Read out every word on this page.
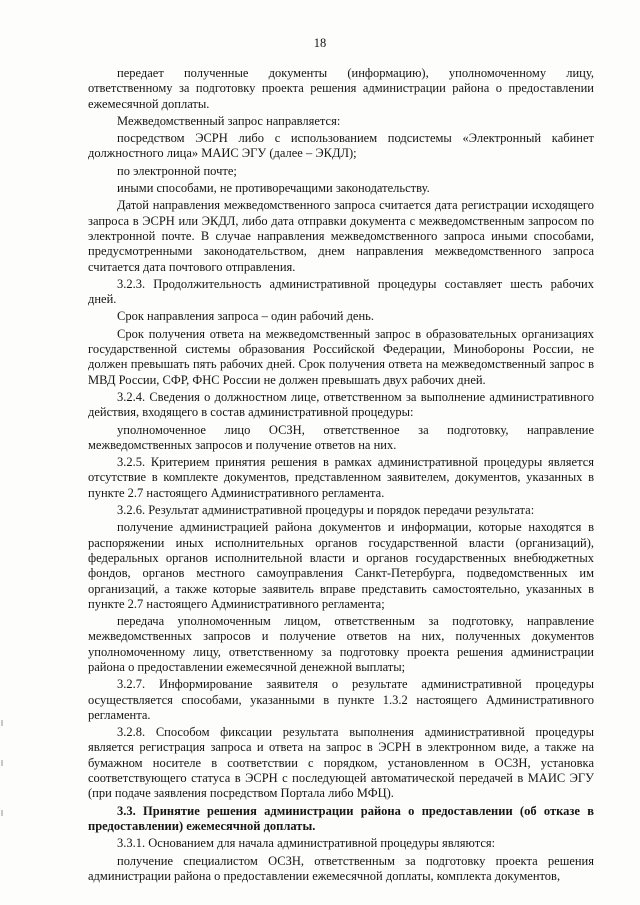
18

передает полученные документы (информацию), уполномоченному лицу, ответственному за подготовку проекта решения администрации района о предоставлении ежемесячной доплаты.

Межведомственный запрос направляется:

посредством ЭСРН либо с использованием подсистемы «Электронный кабинет должностного лица» МАИС ЭГУ (далее – ЭКДЛ);

по электронной почте;

иными способами, не противоречащими законодательству.

Датой направления межведомственного запроса считается дата регистрации исходящего запроса в ЭСРН или ЭКДЛ, либо дата отправки документа с межведомственным запросом по электронной почте. В случае направления межведомственного запроса иными способами, предусмотренными законодательством, днем направления межведомственного запроса считается дата почтового отправления.

3.2.3. Продолжительность административной процедуры составляет шесть рабочих дней.

Срок направления запроса – один рабочий день.

Срок получения ответа на межведомственный запрос в образовательных организациях государственной системы образования Российской Федерации, Минобороны России, не должен превышать пять рабочих дней. Срок получения ответа на межведомственный запрос в МВД России, СФР, ФНС России не должен превышать двух рабочих дней.

3.2.4. Сведения о должностном лице, ответственном за выполнение административного действия, входящего в состав административной процедуры:

уполномоченное лицо ОСЗН, ответственное за подготовку, направление межведомственных запросов и получение ответов на них.

3.2.5. Критерием принятия решения в рамках административной процедуры является отсутствие в комплекте документов, представленном заявителем, документов, указанных в пункте 2.7 настоящего Административного регламента.

3.2.6. Результат административной процедуры и порядок передачи результата:

получение администрацией района документов и информации, которые находятся в распоряжении иных исполнительных органов государственной власти (организаций), федеральных органов исполнительной власти и органов государственных внебюджетных фондов, органов местного самоуправления Санкт-Петербурга, подведомственных им организаций, а также которые заявитель вправе представить самостоятельно, указанных в пункте 2.7 настоящего Административного регламента;

передача уполномоченным лицом, ответственным за подготовку, направление межведомственных запросов и получение ответов на них, полученных документов уполномоченному лицу, ответственному за подготовку проекта решения администрации района о предоставлении ежемесячной денежной выплаты;

3.2.7. Информирование заявителя о результате административной процедуры осуществляется способами, указанными в пункте 1.3.2 настоящего Административного регламента.

3.2.8. Способом фиксации результата выполнения административной процедуры является регистрация запроса и ответа на запрос в ЭСРН в электронном виде, а также на бумажном носителе в соответствии с порядком, установленном в ОСЗН, установка соответствующего статуса в ЭСРН с последующей автоматической передачей в МАИС ЭГУ (при подаче заявления посредством Портала либо МФЦ).

3.3. Принятие решения администрации района о предоставлении (об отказе в предоставлении) ежемесячной доплаты.

3.3.1. Основанием для начала административной процедуры являются:

получение специалистом ОСЗН, ответственным за подготовку проекта решения администрации района о предоставлении ежемесячной доплаты, комплекта документов,
